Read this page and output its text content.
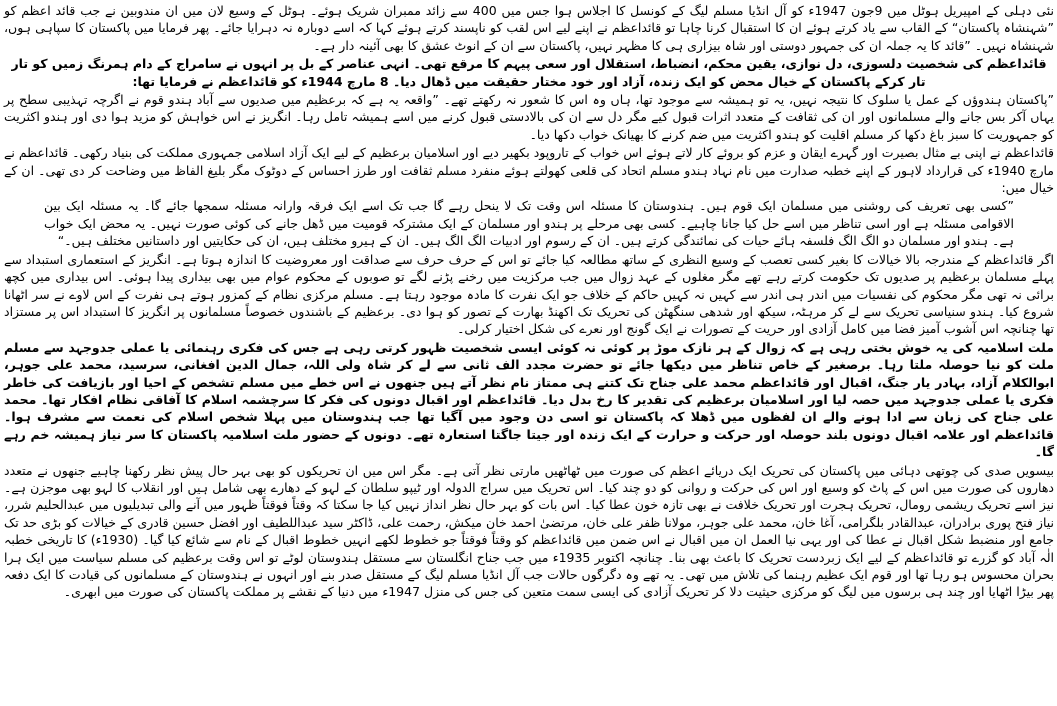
نئی دہلی کے امپیریل ہوٹل میں 9جون 1947ء کو آل انڈیا مسلم لیگ کے کونسل کا اجلاس ہوا جس میں 400 سے زائد ممبران شریک ہوئے۔ ہوٹل کے وسیع لان میں ان مندوبین نے جب قائد اعظم کو ”شہنشاہ پاکستان“ کے القاب سے یاد کرتے ہوئے ان کا استقبال کرنا چاہا تو قائداعظم نے اپنے لیے اس لقب کو ناپسند کرتے ہوئے کہا کہ اسے دوبارہ نہ دہرایا جائے۔ پھر فرمایا میں پاکستان کا سپاہی ہوں، شہنشاہ نہیں۔ ”قائد کا یہ جملہ ان کی جمہور دوستی اور شاہ بیزاری ہی کا مظہر نہیں، پاکستان سے ان کے انوٹ عشق کا بھی آئینہ دار ہے۔

قائداعظم کی شخصیت دلسوزی، دل نوازی، یقین محکم، انضباط، استقلال اور سعی پیہم کا مرقع تھی۔ انہی عناصر کے بل پر انہوں نے سامراج کے دام ہمرنگ زمیں کو تار تار کرکے پاکستان کے خیال محض کو ایک زندہ، آزاد اور خود مختار حقیقت میں ڈھال دیا۔ 8 مارچ 1944ء کو قائداعظم نے فرمایا تھا:

”پاکستان ہندوؤں کے عمل یا سلوک کا نتیجہ نہیں، یہ تو ہمیشہ سے موجود تھا، ہاں وہ اس کا شعور نہ رکھتے تھے۔ ”واقعہ یہ ہے کہ برعظیم میں صدیوں سے آباد ہندو قوم نے اگرچہ تہذیبی سطح پر یہاں آکر بس جانے والے مسلمانوں اور ان کی ثقافت کے متعدد اثرات قبول کیے مگر دل سے ان کی بالادستی قبول کرنے میں اسے ہمیشہ تامل رہا۔ انگریز نے اس خواہش کو مزید ہوا دی اور ہندو اکثریت کو جمہوریت کا سبز باغ دکھا کر مسلم اقلیت کو ہندو اکثریت میں ضم کرنے کا بھیانک خواب دکھا دیا۔

قائداعظم نے اپنی بے مثال بصیرت اور گہرے ایقان و عزم کو بروئے کار لاتے ہوئے اس خواب کے تاروپود بکھیر دیے اور اسلامیان برعظیم کے لیے ایک آزاد اسلامی جمہوری مملکت کی بنیاد رکھی۔ قائداعظم نے مارچ 1940ء کی قرارداد لاہور کے اپنے خطبہ صدارت میں نام نہاد ہندو مسلم اتحاد کی قلعی کھولتے ہوئے منفرد مسلم ثقافت اور طرز احساس کے دوٹوک مگر بلیغ الفاظ میں وضاحت کر دی تھی۔ ان کے خیال میں:

”کسی بھی تعریف کی روشنی میں مسلمان ایک قوم ہیں۔ ہندوستان کا مسئلہ اس وقت تک لا ینحل رہے گا جب تک اسے ایک فرقہ وارانہ مسئلہ سمجھا جائے گا۔ یہ مسئلہ ایک بین الاقوامی مسئلہ ہے اور اسی تناظر میں اسے حل کیا جانا چاہیے۔ کسی بھی مرحلے پر ہندو اور مسلمان کے ایک مشترکہ قومیت میں ڈھل جانے کی کوئی صورت نہیں۔ یہ محض ایک خواب ہے۔ ہندو اور مسلمان دو الگ الگ فلسفہ ہائے حیات کی نمائندگی کرتے ہیں۔ ان کے رسوم اور ادبیات الگ الگ ہیں۔ ان کے ہیرو مختلف ہیں، ان کی حکایتیں اور داستانیں مختلف ہیں۔“

اگر قائداعظم کے مندرجہ بالا خیالات کا بغیر کسی تعصب کے وسیع النظری کے ساتھ مطالعہ کیا جائے تو اس کے حرف حرف سے صداقت اور معروضیت کا اندازہ ہوتا ہے۔ انگریز کے استعماری استبداد سے پہلے مسلمان برعظیم پر صدیوں تک حکومت کرتے رہے تھے مگر مغلوں کے عہد زوال میں جب مرکزیت میں رخنے پڑنے لگے تو صوبوں کے محکوم عوام میں بھی بیداری پیدا ہوئی۔ اس بیداری میں کچھ برائی نہ تھی مگر محکوم کی نفسیات میں اندر ہی اندر سے کہیں نہ کہیں حاکم کے خلاف جو ایک نفرت کا مادہ موجود رہتا ہے۔ مسلم مرکزی نظام کے کمزور ہوتے ہی نفرت کے اس لاوے نے سر اٹھانا شروع کیا۔ ہندو سنیاسی تحریک سے لے کر مرہٹہ، سیکھ اور شدھی سنگھٹن کی تحریک تک اکھنڈ بھارت کے تصور کو ہوا دی۔ برعظیم کے باشندوں خصوصاً مسلمانوں پر انگریز کا استبداد اس پر مستزاد تھا چنانچہ اس آشوب آمیز فضا میں کامل آزادی اور حریت کے تصورات نے ایک گونج اور نعرے کی شکل اختیار کرلی۔

ملت اسلامیہ کی یہ خوش بختی رہی ہے کہ زوال کے ہر نازک موڑ پر کوئی نہ کوئی ایسی شخصیت ظہور کرتی رہی ہے جس کی فکری رہنمائی یا عملی جدوجہد سے مسلم ملت کو نیا حوصلہ ملتا رہا۔ برصغیر کے خاص تناظر میں دیکھا جائے تو حضرت مجدد الف ثانی سے لے کر شاہ ولی اللہ، جمال الدین افغانی، سرسید، محمد علی جوہر، ابوالکلام آزاد، بہادر یار جنگ، اقبال اور قائداعظم محمد علی جناح تک کتنے ہی ممتاز نام نظر آتے ہیں جنھوں نے اس خطے میں مسلم تشخص کے احیا اور بازیافت کی خاطر فکری یا عملی جدوجہد میں حصہ لیا اور اسلامیان برعظیم کی تقدیر کا رخ بدل دیا۔ قائداعظم اور اقبال دونوں کی فکر کا سرچشمہ اسلام کا آفاقی نظام افکار تھا۔ محمد علی جناح کی زبان سے ادا ہونے والے ان لفظوں میں ڈھلا کہ پاکستان تو اسی دن وجود میں آگیا تھا جب ہندوستان میں پہلا شخص اسلام کی نعمت سے مشرف ہوا۔ قائداعظم اور علامہ اقبال دونوں بلند حوصلہ اور حرکت و حرارت کے ایک زندہ اور جیتا جاگتا استعارہ تھے۔ دونوں کے حضور ملت اسلامیہ پاکستان کا سر نیاز ہمیشہ خم رہے گا۔

بیسویں صدی کی چوتھی دہائی میں پاکستان کی تحریک ایک دریائے اعظم کی صورت میں ٹھاٹھیں مارتی نظر آتی ہے۔ مگر اس میں ان تحریکوں کو بھی بہر حال پیش نظر رکھنا چاہیے جنھوں نے متعدد دھاروں کی صورت میں اس کے پاٹ کو وسیع اور اس کی حرکت و روانی کو دو چند کیا۔ اس تحریک میں سراج الدولہ اور ٹیپو سلطان کے لہو کے دھارے بھی شامل ہیں اور انقلاب کا لہو بھی موجزن ہے۔ نیز اسے تحریک ریشمی رومال، تحریک ہجرت اور تحریک خلافت نے بھی تازہ خون عطا کیا۔ اس بات کو بہر حال نظر انداز نہیں کیا جا سکتا کہ وقتاً فوقتاً ظہور میں آنے والی تبدیلیوں میں عبدالحلیم شرر، نیاز فتح پوری برادران، عبدالقادر بلگرامی، آغا خان، محمد علی جوہر، مولانا ظفر علی خان، مرتضیٰ احمد خان میکش، رحمت علی، ڈاکٹر سید عبداللطیف اور افضل حسین قادری کے خیالات کو بڑی حد تک جامع اور منضبط شکل اقبال نے عطا کی اور یہی نیا العمل ان میں اقبال نے اس ضمن میں قائداعظم کو وقتاً فوقتاً جو خطوط لکھے انہیں خطوط اقبال کے نام سے شائع کیا گیا۔ (1930ء) کا تاریخی خطبہ الٰہ آباد کو گزرے تو قائداعظم کے لیے ایک زبردست تحریک کا باعث بھی بنا۔ چنانچہ اکتوبر 1935ء میں جب جناح انگلستان سے مستقل ہندوستان لوٹے تو اس وقت برعظیم کی مسلم سیاست میں ایک ہرا بحران محسوس ہو رہا تھا اور قوم ایک عظیم رہنما کی تلاش میں تھی۔ یہ تھے وہ دگرگوں حالات جب آل انڈیا مسلم لیگ کے مستقل صدر بنے اور انہوں نے ہندوستان کے مسلمانوں کی قیادت کا ایک دفعہ پھر بیڑا اٹھایا اور چند ہی برسوں میں لیگ کو مرکزی حیثیت دلا کر تحریک آزادی کی ایسی سمت متعین کی جس کی منزل 1947ء میں دنیا کے نقشے پر مملکت پاکستان کی صورت میں ابھری۔
